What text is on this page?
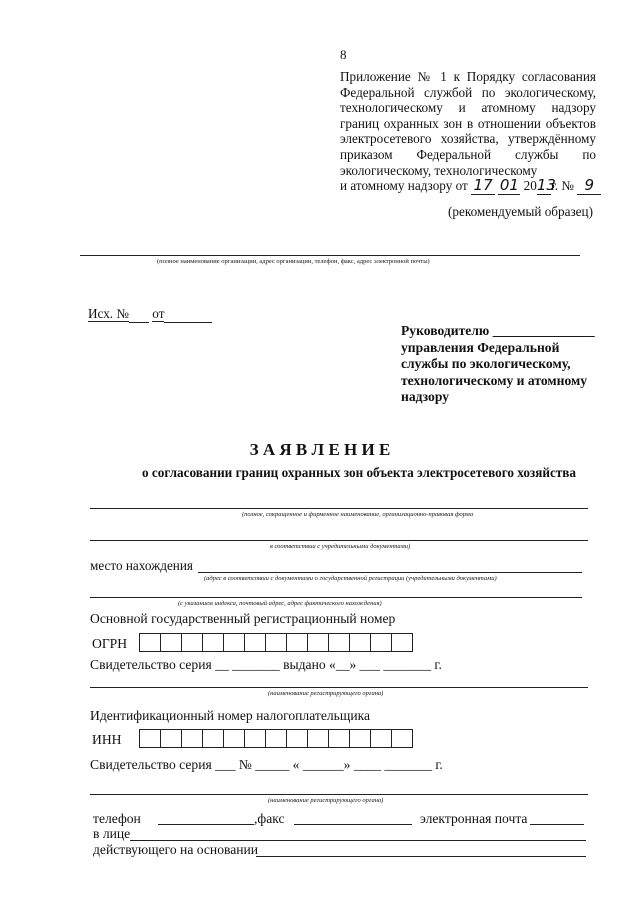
8
Приложение № 1 к Порядку согласования
Федеральной службой по экологическому,
технологическому и атомному надзору
границ охранных зон в отношении объектов
электросетевого хозяйства, утверждённому
приказом Федеральной службы по
экологическому, технологическому
и атомному надзору от 17 01 2013г. № 9
(рекомендуемый образец)
(полное наименование организации, адрес организации, телефон, факс, адрес электронной почты)
Исх. № от
Руководителю _______________
управления Федеральной
службы по экологическому,
технологическому и атомному
надзору
З А Я В Л Е Н И Е
о согласовании границ охранных зон объекта электросетевого хозяйства
(полное, сокращенное и фирменное наименование, организационно-правовая форма
в соответствии с учредительными документами)
место нахождения
(адрес в соответствии с документами о государственной регистрации (учредительными документами)
(с указанием индекса, почтовый адрес, адрес фактического нахождения)
Основной государственный регистрационный номер
ОГРН
Свидетельство серия __ _______ выдано «__» ___ _______ г.
(наименование регистрирующего органа)
Идентификационный номер налогоплательщика
ИНН
Свидетельство серия ___ № _____ « ______» ____ _______ г.
(наименование регистрирующего органа)
телефон	,факс	электронная почта
в лице
действующего на основании
